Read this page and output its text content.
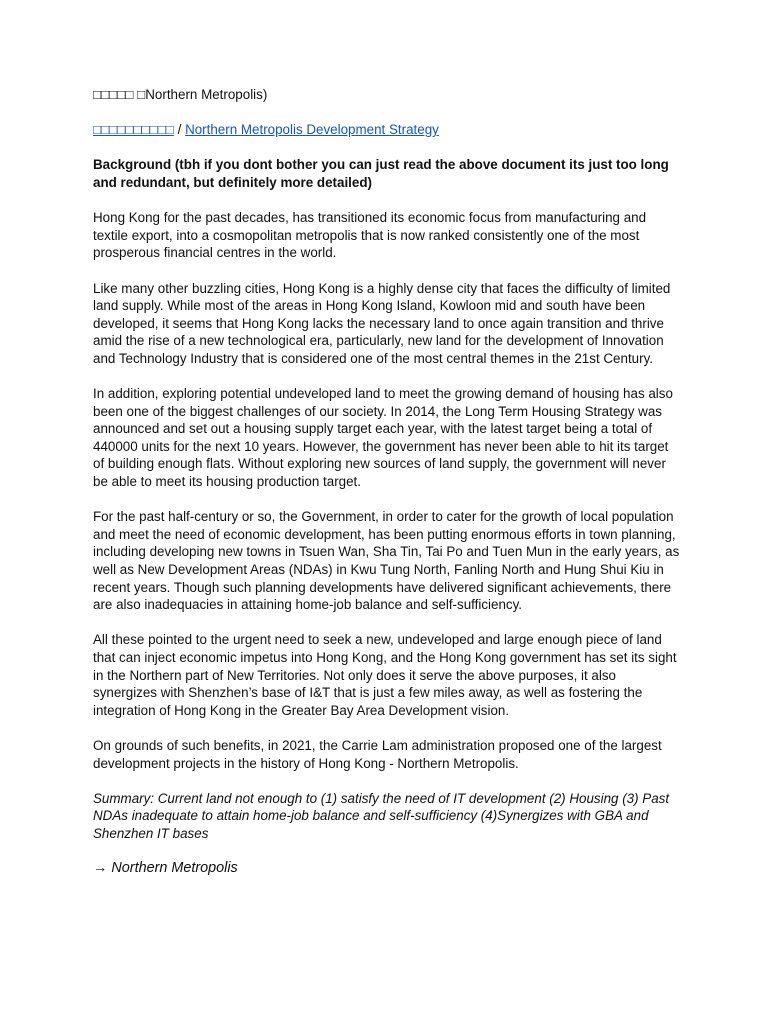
□□□□□ □Northern Metropolis)
□□□□□□□□□□ / Northern Metropolis Development Strategy
Background (tbh if you dont bother you can just read the above document its just too long and redundant, but definitely more detailed)

Hong Kong for the past decades, has transitioned its economic focus from manufacturing and textile export, into a cosmopolitan metropolis that is now ranked consistently one of the most prosperous financial centres in the world.

Like many other buzzling cities, Hong Kong is a highly dense city that faces the difficulty of limited land supply. While most of the areas in Hong Kong Island, Kowloon mid and south have been developed, it seems that Hong Kong lacks the necessary land to once again transition and thrive amid the rise of a new technological era, particularly, new land for the development of Innovation and Technology Industry that is considered one of the most central themes in the 21st Century.

In addition, exploring potential undeveloped land to meet the growing demand of housing has also been one of the biggest challenges of our society. In 2014, the Long Term Housing Strategy was announced and set out a housing supply target each year, with the latest target being a total of 440000 units for the next 10 years. However, the government has never been able to hit its target of building enough flats. Without exploring new sources of land supply, the government will never be able to meet its housing production target.

For the past half-century or so, the Government, in order to cater for the growth of local population and meet the need of economic development, has been putting enormous efforts in town planning, including developing new towns in Tsuen Wan, Sha Tin, Tai Po and Tuen Mun in the early years, as well as New Development Areas (NDAs) in Kwu Tung North, Fanling North and Hung Shui Kiu in recent years. Though such planning developments have delivered significant achievements, there are also inadequacies in attaining home-job balance and self-sufficiency.

All these pointed to the urgent need to seek a new, undeveloped and large enough piece of land that can inject economic impetus into Hong Kong, and the Hong Kong government has set its sight in the Northern part of New Territories. Not only does it serve the above purposes, it also synergizes with Shenzhen’s base of I&T that is just a few miles away, as well as fostering the integration of Hong Kong in the Greater Bay Area Development vision.

On grounds of such benefits, in 2021, the Carrie Lam administration proposed one of the largest development projects in the history of Hong Kong - Northern Metropolis.

Summary: Current land not enough to (1) satisfy the need of IT development (2) Housing (3) Past NDAs inadequate to attain home-job balance and self-sufficiency (4)Synergizes with GBA and Shenzhen IT bases

→ Northern Metropolis
